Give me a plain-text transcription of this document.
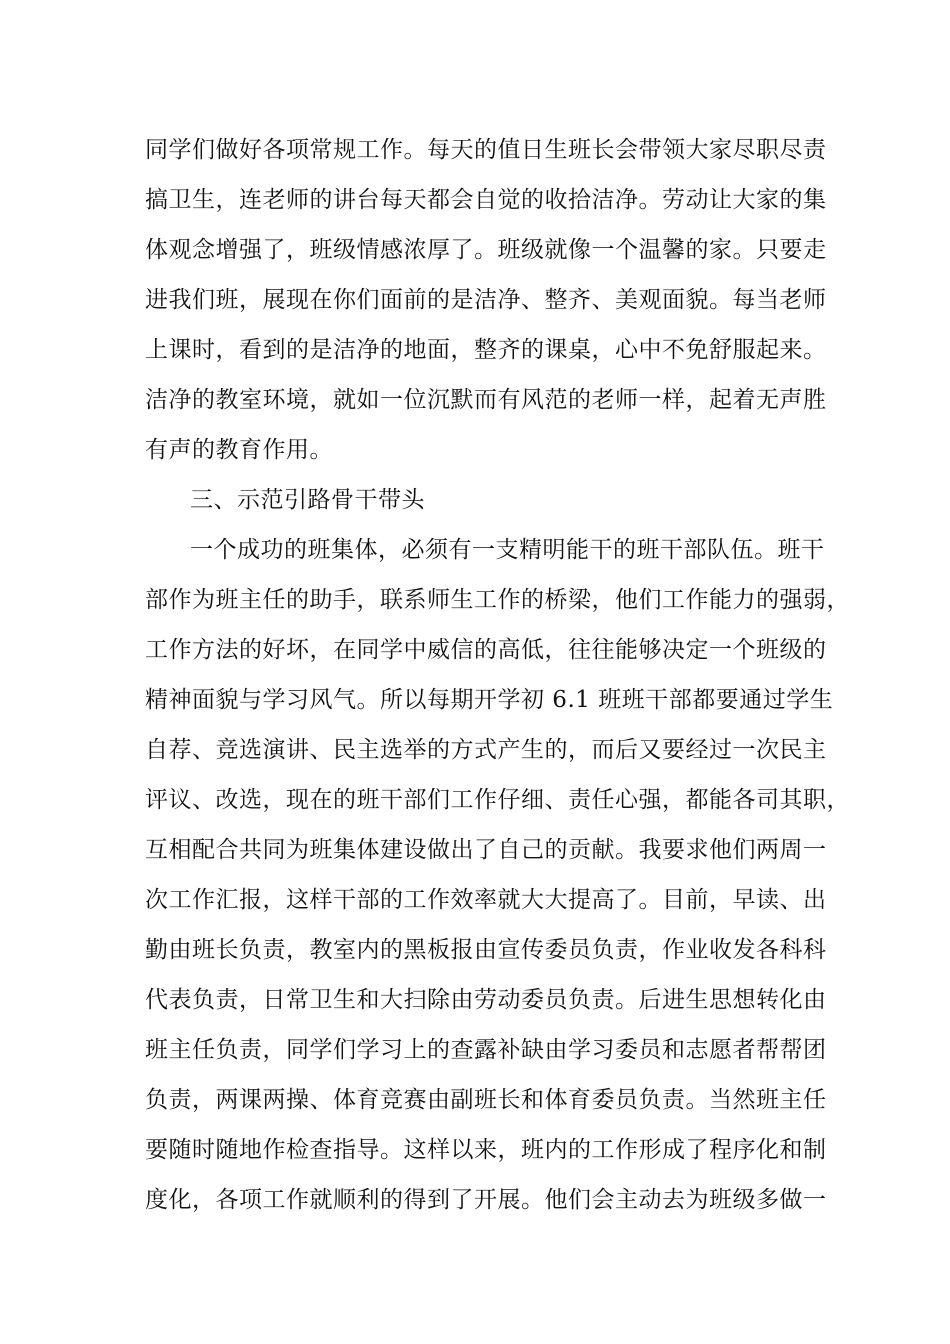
同学们做好各项常规工作。每天的值日生班长会带领大家尽职尽责
搞卫生，连老师的讲台每天都会自觉的收拾洁净。劳动让大家的集
体观念增强了，班级情感浓厚了。班级就像一个温馨的家。只要走
进我们班，展现在你们面前的是洁净、整齐、美观面貌。每当老师
上课时，看到的是洁净的地面，整齐的课桌，心中不免舒服起来。
洁净的教室环境，就如一位沉默而有风范的老师一样，起着无声胜
有声的教育作用。
三、示范引路骨干带头
一个成功的班集体，必须有一支精明能干的班干部队伍。班干
部作为班主任的助手，联系师生工作的桥梁，他们工作能力的强弱，
工作方法的好坏，在同学中威信的高低，往往能够决定一个班级的
精神面貌与学习风气。所以每期开学初 6.1 班班干部都要通过学生
自荐、竞选演讲、民主选举的方式产生的，而后又要经过一次民主
评议、改选，现在的班干部们工作仔细、责任心强，都能各司其职，
互相配合共同为班集体建设做出了自己的贡献。我要求他们两周一
次工作汇报，这样干部的工作效率就大大提高了。目前，早读、出
勤由班长负责，教室内的黑板报由宣传委员负责，作业收发各科科
代表负责，日常卫生和大扫除由劳动委员负责。后进生思想转化由
班主任负责，同学们学习上的查露补缺由学习委员和志愿者帮帮团
负责，两课两操、体育竞赛由副班长和体育委员负责。当然班主任
要随时随地作检查指导。这样以来，班内的工作形成了程序化和制
度化，各项工作就顺利的得到了开展。他们会主动去为班级多做一
